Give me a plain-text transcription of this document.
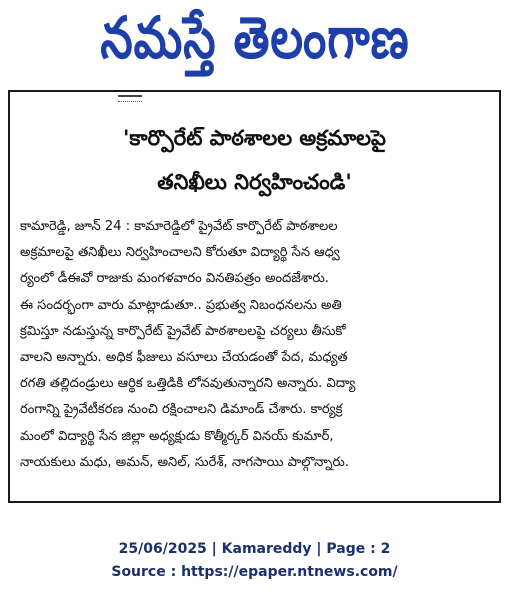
నమస్తే తెలంగాణ
'కార్పొరేట్ పాఠశాలల అక్రమాలపై
తనిఖీలు నిర్వహించండి'
కామారెడ్డి, జూన్ 24 : కామారెడ్డిలో ప్రైవేట్ కార్పొరేట్ పాఠశాలల
అక్రమాలపై తనిఖీలు నిర్వహించాలని కోరుతూ విద్యార్థి సేన ఆధ్వ
ర్యంలో డీఈవో రాజుకు మంగళవారం వినతిపత్రం అందజేశారు.
ఈ సందర్భంగా వారు మాట్లాడుతూ.. ప్రభుత్వ నిబంధనలను అతి
క్రమిస్తూ నడుస్తున్న కార్పొరేట్ ప్రైవేట్ పాఠశాలలపై చర్యలు తీసుకో
వాలని అన్నారు. అధిక ఫీజులు వసూలు చేయడంతో పేద, మధ్యత
రగతి తల్లిదండ్రులు ఆర్థిక ఒత్తిడికి లోనవుతున్నారని అన్నారు. విద్యా
రంగాన్ని ప్రైవేటీకరణ నుంచి రక్షించాలని డిమాండ్ చేశారు. కార్యక్ర
మంలో విద్యార్థి సేన జిల్లా అధ్యక్షుడు కొత్మీర్కర్ వినయ్ కుమార్,
నాయకులు మధు, అమన్, అనిల్, సురేశ్, నాగసాయి పాల్గొన్నారు.
25/06/2025 | Kamareddy | Page : 2
Source : https://epaper.ntnews.com/
